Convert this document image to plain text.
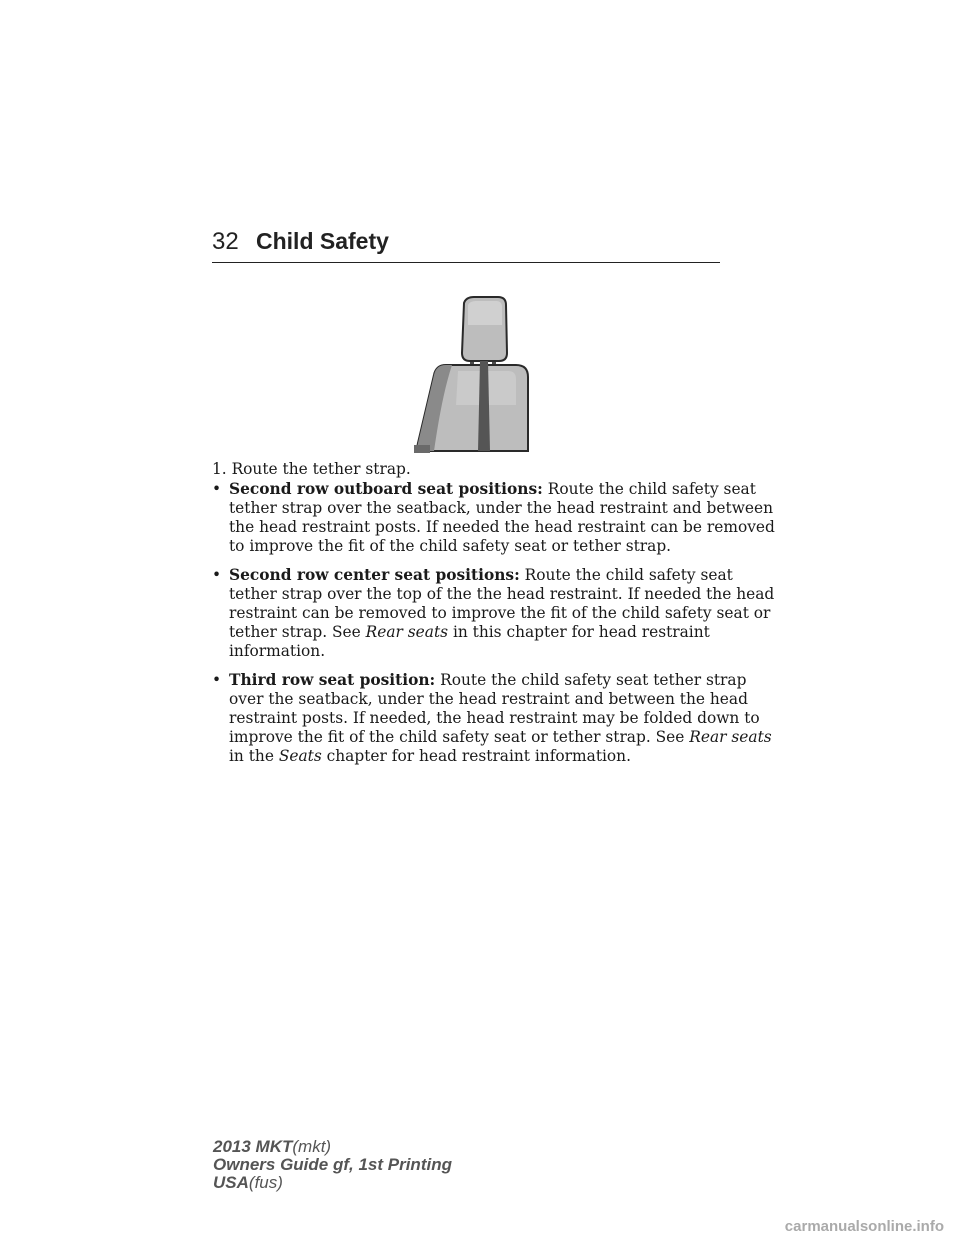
32 Child Safety

1. Route the tether strap.

• Second row outboard seat positions: Route the child safety seat
tether strap over the seatback, under the head restraint and between
the head restraint posts. If needed the head restraint can be removed
to improve the fit of the child safety seat or tether strap.
• Second row center seat positions: Route the child safety seat
tether strap over the top of the the head restraint. If needed the head
restraint can be removed to improve the fit of the child safety seat or
tether strap. See Rear seats in this chapter for head restraint
information.
• Third row seat position: Route the child safety seat tether strap
over the seatback, under the head restraint and between the head
restraint posts. If needed, the head restraint may be folded down to
improve the fit of the child safety seat or tether strap. See Rear seats
in the Seats chapter for head restraint information.
2013 MKT(mkt)
Owners Guide gf, 1st Printing
USA(fus)
carmanualsonline.info
